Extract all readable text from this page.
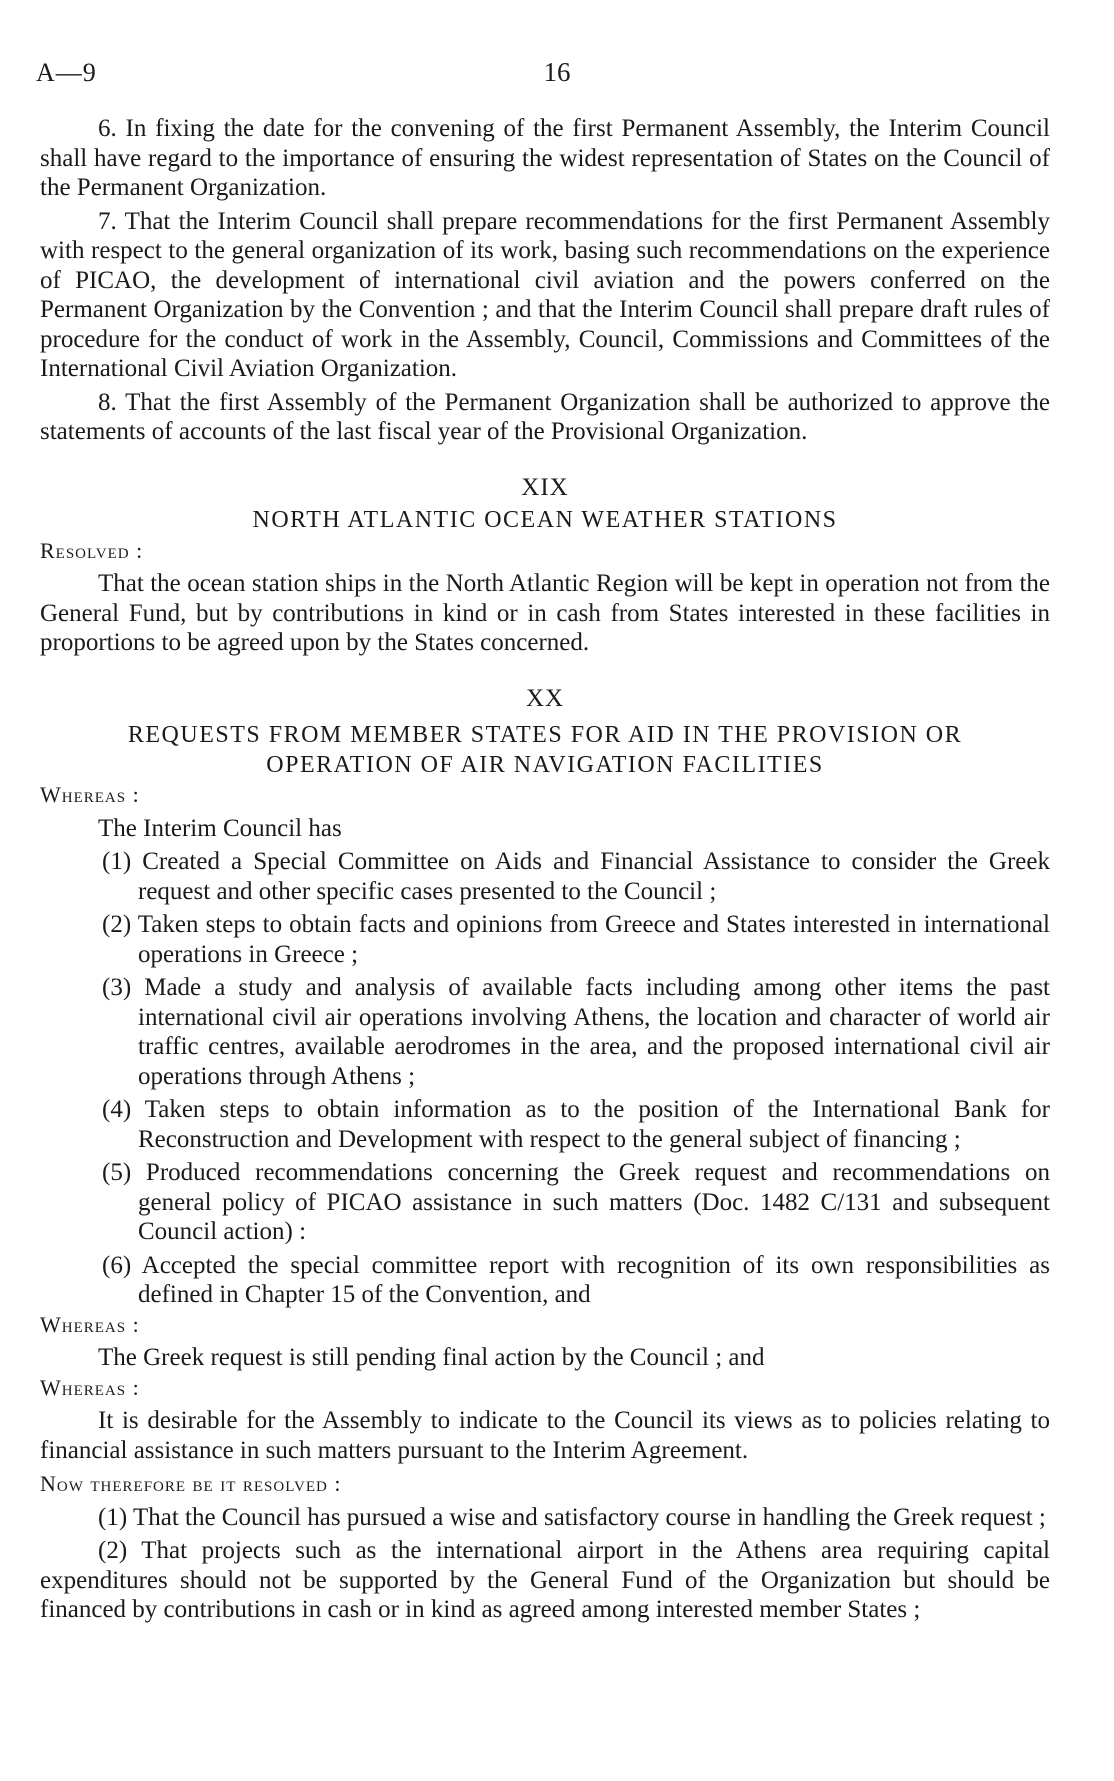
A—9	16

6. In fixing the date for the convening of the first Permanent Assembly, the Interim Council shall have regard to the importance of ensuring the widest representation of States on the Council of the Permanent Organization.

7. That the Interim Council shall prepare recommendations for the first Permanent Assembly with respect to the general organization of its work, basing such recommendations on the experience of PICAO, the development of international civil aviation and the powers conferred on the Permanent Organization by the Convention ; and that the Interim Council shall prepare draft rules of procedure for the conduct of work in the Assembly, Council, Commissions and Committees of the International Civil Aviation Organization.

8. That the first Assembly of the Permanent Organization shall be authorized to approve the statements of accounts of the last fiscal year of the Provisional Organization.

XIX
NORTH ATLANTIC OCEAN WEATHER STATIONS
Resolved :

That the ocean station ships in the North Atlantic Region will be kept in operation not from the General Fund, but by contributions in kind or in cash from States interested in these facilities in proportions to be agreed upon by the States concerned.

XX
REQUESTS FROM MEMBER STATES FOR AID IN THE PROVISION OR
OPERATION OF AIR NAVIGATION FACILITIES
Whereas :

The Interim Council has

(1) Created a Special Committee on Aids and Financial Assistance to consider the Greek request and other specific cases presented to the Council ;

(2) Taken steps to obtain facts and opinions from Greece and States interested in international operations in Greece ;

(3) Made a study and analysis of available facts including among other items the past international civil air operations involving Athens, the location and character of world air traffic centres, available aerodromes in the area, and the proposed international civil air operations through Athens ;

(4) Taken steps to obtain information as to the position of the International Bank for Reconstruction and Development with respect to the general subject of financing ;

(5) Produced recommendations concerning the Greek request and recommendations on general policy of PICAO assistance in such matters (Doc. 1482 C/131 and subsequent Council action) :

(6) Accepted the special committee report with recognition of its own responsibilities as defined in Chapter 15 of the Convention, and

Whereas :

The Greek request is still pending final action by the Council ; and

Whereas :

It is desirable for the Assembly to indicate to the Council its views as to policies relating to financial assistance in such matters pursuant to the Interim Agreement.

Now therefore be it resolved :

(1) That the Council has pursued a wise and satisfactory course in handling the Greek request ;

(2) That projects such as the international airport in the Athens area requiring capital expenditures should not be supported by the General Fund of the Organization but should be financed by contributions in cash or in kind as agreed among interested member States ;
